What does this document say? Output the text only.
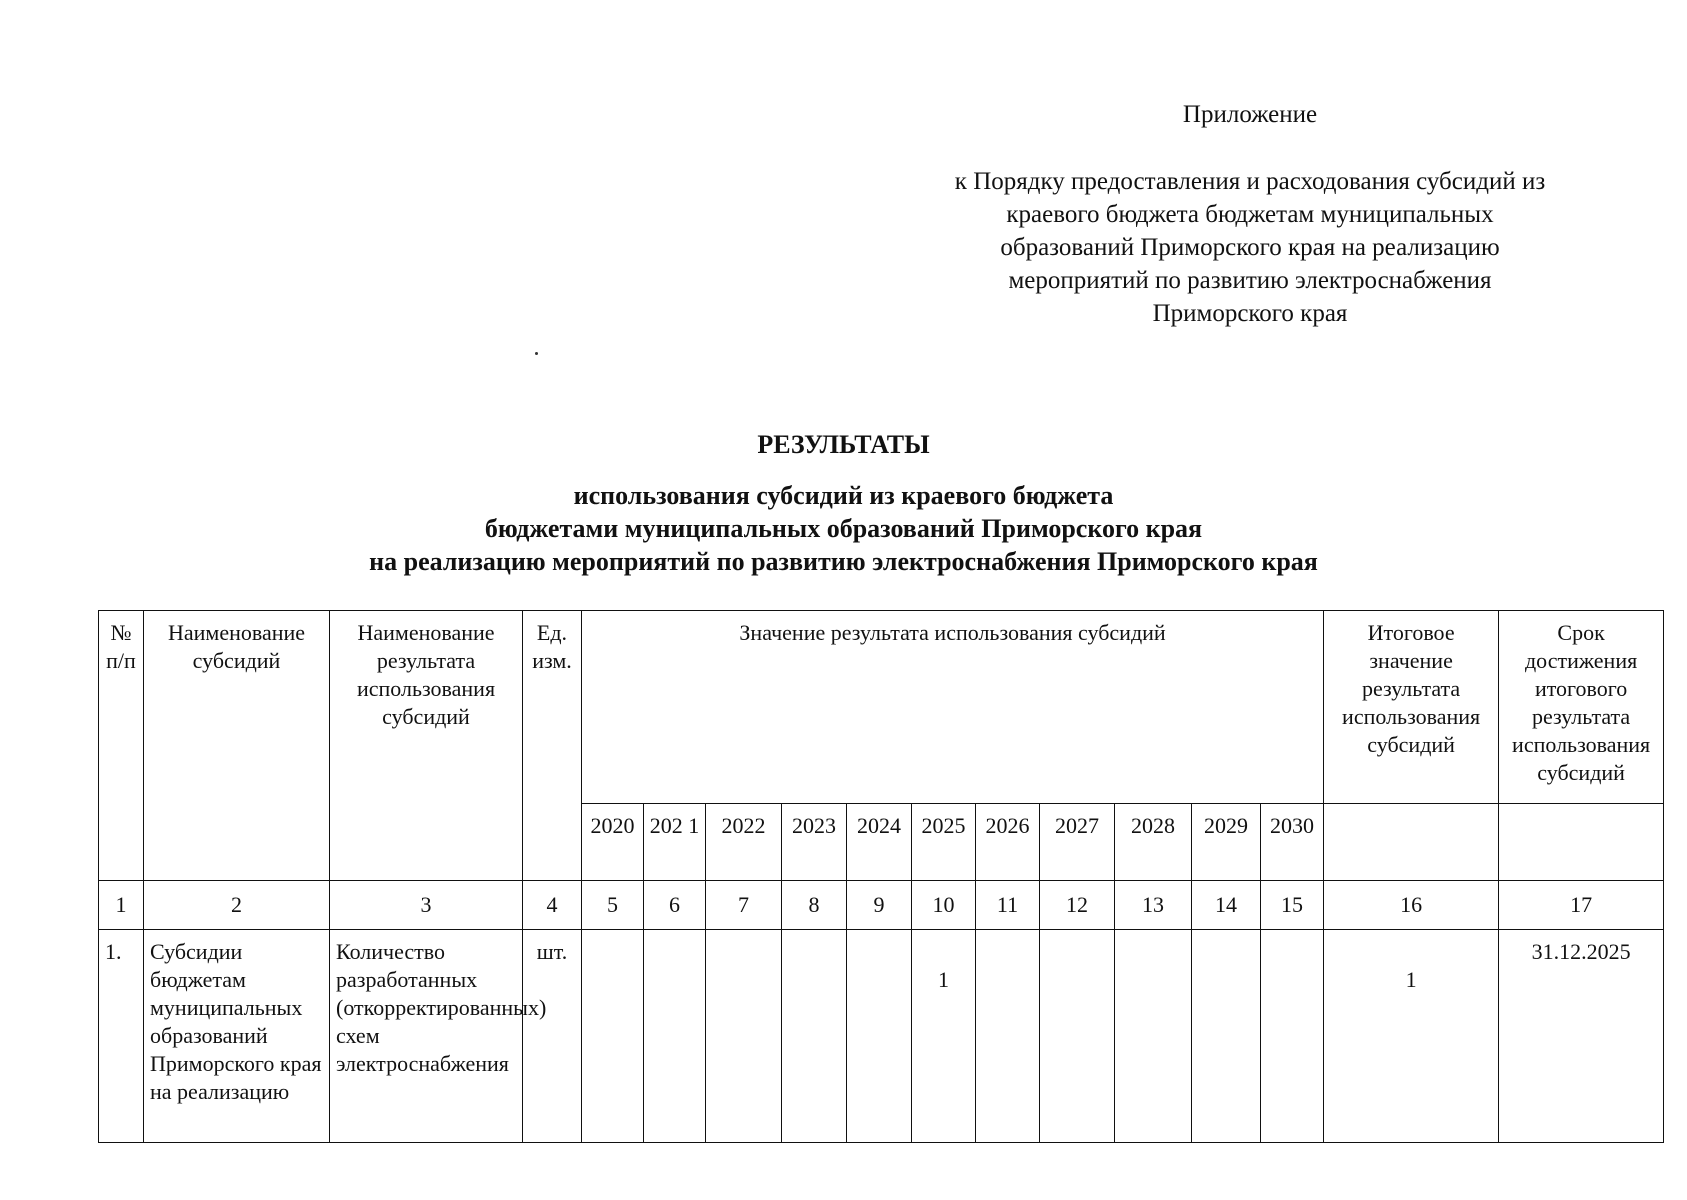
Приложение
к Порядку предоставления и расходования субсидий из
краевого бюджета бюджетам муниципальных
образований Приморского края на реализацию
мероприятий по развитию электроснабжения
Приморского края
РЕЗУЛЬТАТЫ
использования субсидий из краевого бюджета
бюджетами муниципальных образований Приморского края
на реализацию мероприятий по развитию электроснабжения Приморского края
№ п/п	Наименование субсидий	Наименование результата использования субсидий	Ед. изм.	Значение результата использования субсидий											Итоговое значение результата использования субсидий	Срок достижения итогового результата использования субсидий
				2020	202 1	2022	2023	2024	2025	2026	2027	2028	2029	2030		
1	2	3	4	5	6	7	8	9	10	11	12	13	14	15	16	17
1.	Субсидии бюджетам муниципальных образований Приморского края на реализацию	Количество разработанных (откорректированных) схем электроснабжения	шт.						1						1	31.12.2025
